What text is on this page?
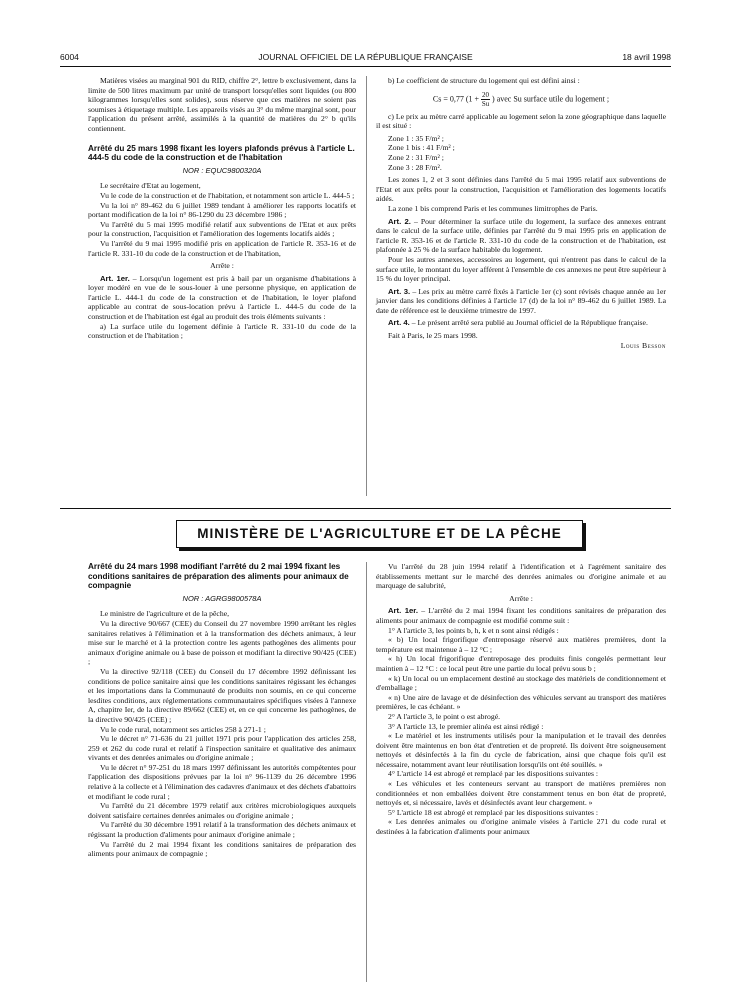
6004	JOURNAL OFFICIEL DE LA RÉPUBLIQUE FRANÇAISE	18 avril 1998

Matières visées au marginal 901 du RID, chiffre 2°, lettre b exclusivement, dans la limite de 500 litres maximum par unité de transport lorsqu'elles sont liquides (ou 800 kilogrammes lorsqu'elles sont solides), sous réserve que ces matières ne soient pas soumises à étiquetage multiple. Les appareils visés au 3° du même marginal sont, pour l'application du présent arrêté, assimilés à la quantité de matières du 2° b qu'ils contiennent.

Arrêté du 25 mars 1998 fixant les loyers plafonds prévus à l'article L. 444-5 du code de la construction et de l'habitation
NOR : EQUC9800320A

Le secrétaire d'Etat au logement,

Vu le code de la construction et de l'habitation, et notamment son article L. 444-5 ;

Vu la loi n° 89-462 du 6 juillet 1989 tendant à améliorer les rapports locatifs et portant modification de la loi n° 86-1290 du 23 décembre 1986 ;

Vu l'arrêté du 5 mai 1995 modifié relatif aux subventions de l'Etat et aux prêts pour la construction, l'acquisition et l'amélioration des logements locatifs aidés ;

Vu l'arrêté du 9 mai 1995 modifié pris en application de l'article R. 353-16 et de l'article R. 331-10 du code de la construction et de l'habitation,

Arrête :

Art. 1er. – Lorsqu'un logement est pris à bail par un organisme d'habitations à loyer modéré en vue de le sous-louer à une personne physique, en application de l'article L. 444-1 du code de la construction et de l'habitation, le loyer plafond applicable au contrat de sous-location prévu à l'article L. 444-5 du code de la construction et de l'habitation est égal au produit des trois éléments suivants :

a) La surface utile du logement définie à l'article R. 331-10 du code de la construction et de l'habitation ;

b) Le coefficient de structure du logement qui est défini ainsi :

Cs = 0,77 ($1 + \frac{20}{Su}$ ) avec Su surface utile du logement ;

c) Le prix au mètre carré applicable au logement selon la zone géographique dans laquelle il est situé :

Zone 1 : 35 F/m² ;

Zone 1 bis : 41 F/m² ;

Zone 2 : 31 F/m² ;

Zone 3 : 28 F/m².

Les zones 1, 2 et 3 sont définies dans l'arrêté du 5 mai 1995 relatif aux subventions de l'Etat et aux prêts pour la construction, l'acquisition et l'amélioration des logements locatifs aidés.

La zone 1 bis comprend Paris et les communes limitrophes de Paris.

Art. 2. – Pour déterminer la surface utile du logement, la surface des annexes entrant dans le calcul de la surface utile, définies par l'arrêté du 9 mai 1995 pris en application de l'article R. 353-16 et de l'article R. 331-10 du code de la construction et de l'habitation, est plafonnée à 25 % de la surface habitable du logement.

Pour les autres annexes, accessoires au logement, qui n'entrent pas dans le calcul de la surface utile, le montant du loyer afférent à l'ensemble de ces annexes ne peut être supérieur à 15 % du loyer principal.

Art. 3. – Les prix au mètre carré fixés à l'article 1er (c) sont révisés chaque année au 1er janvier dans les conditions définies à l'article 17 (d) de la loi n° 89-462 du 6 juillet 1989. La date de référence est le deuxième trimestre de 1997.

Art. 4. – Le présent arrêté sera publié au Journal officiel de la République française.

Fait à Paris, le 25 mars 1998.

Louis Besson

MINISTÈRE DE L'AGRICULTURE ET DE LA PÊCHE
Arrêté du 24 mars 1998 modifiant l'arrêté du 2 mai 1994 fixant les conditions sanitaires de préparation des aliments pour animaux de compagnie
NOR : AGRG9800578A

Le ministre de l'agriculture et de la pêche,

Vu la directive 90/667 (CEE) du Conseil du 27 novembre 1990 arrêtant les règles sanitaires relatives à l'élimination et à la transformation des déchets animaux, à leur mise sur le marché et à la protection contre les agents pathogènes des aliments pour animaux d'origine animale ou à base de poisson et modifiant la directive 90/425 (CEE) ;

Vu la directive 92/118 (CEE) du Conseil du 17 décembre 1992 définissant les conditions de police sanitaire ainsi que les conditions sanitaires régissant les échanges et les importations dans la Communauté de produits non soumis, en ce qui concerne lesdites conditions, aux réglementations communautaires spécifiques visées à l'annexe A, chapitre Ier, de la directive 89/662 (CEE) et, en ce qui concerne les pathogènes, de la directive 90/425 (CEE) ;

Vu le code rural, notamment ses articles 258 à 271-1 ;

Vu le décret n° 71-636 du 21 juillet 1971 pris pour l'application des articles 258, 259 et 262 du code rural et relatif à l'inspection sanitaire et qualitative des animaux vivants et des denrées animales ou d'origine animale ;

Vu le décret n° 97-251 du 18 mars 1997 définissant les autorités compétentes pour l'application des dispositions prévues par la loi n° 96-1139 du 26 décembre 1996 relative à la collecte et à l'élimination des cadavres d'animaux et des déchets d'abattoirs et modifiant le code rural ;

Vu l'arrêté du 21 décembre 1979 relatif aux critères microbiologiques auxquels doivent satisfaire certaines denrées animales ou d'origine animale ;

Vu l'arrêté du 30 décembre 1991 relatif à la transformation des déchets animaux et régissant la production d'aliments pour animaux d'origine animale ;

Vu l'arrêté du 2 mai 1994 fixant les conditions sanitaires de préparation des aliments pour animaux de compagnie ;

Vu l'arrêté du 28 juin 1994 relatif à l'identification et à l'agrément sanitaire des établissements mettant sur le marché des denrées animales ou d'origine animale et au marquage de salubrité,

Arrête :

Art. 1er. – L'arrêté du 2 mai 1994 fixant les conditions sanitaires de préparation des aliments pour animaux de compagnie est modifié comme suit :

1° A l'article 3, les points b, h, k et n sont ainsi rédigés :

« b) Un local frigorifique d'entreposage réservé aux matières premières, dont la température est maintenue à – 12 °C ;

« h) Un local frigorifique d'entreposage des produits finis congelés permettant leur maintien à – 12 °C : ce local peut être une partie du local prévu sous b ;

« k) Un local ou un emplacement destiné au stockage des matériels de conditionnement et d'emballage ;

« n) Une aire de lavage et de désinfection des véhicules servant au transport des matières premières, le cas échéant. »

2° A l'article 3, le point o est abrogé.

3° A l'article 13, le premier alinéa est ainsi rédigé :

« Le matériel et les instruments utilisés pour la manipulation et le travail des denrées doivent être maintenus en bon état d'entretien et de propreté. Ils doivent être soigneusement nettoyés et désinfectés à la fin du cycle de fabrication, ainsi que chaque fois qu'il est nécessaire, notamment avant leur réutilisation lorsqu'ils ont été souillés. »

4° L'article 14 est abrogé et remplacé par les dispositions suivantes :

« Les véhicules et les conteneurs servant au transport de matières premières non conditionnées et non emballées doivent être constamment tenus en bon état de propreté, nettoyés et, si nécessaire, lavés et désinfectés avant leur chargement. »

5° L'article 18 est abrogé et remplacé par les dispositions suivantes :

« Les denrées animales ou d'origine animale visées à l'article 271 du code rural et destinées à la fabrication d'aliments pour animaux
